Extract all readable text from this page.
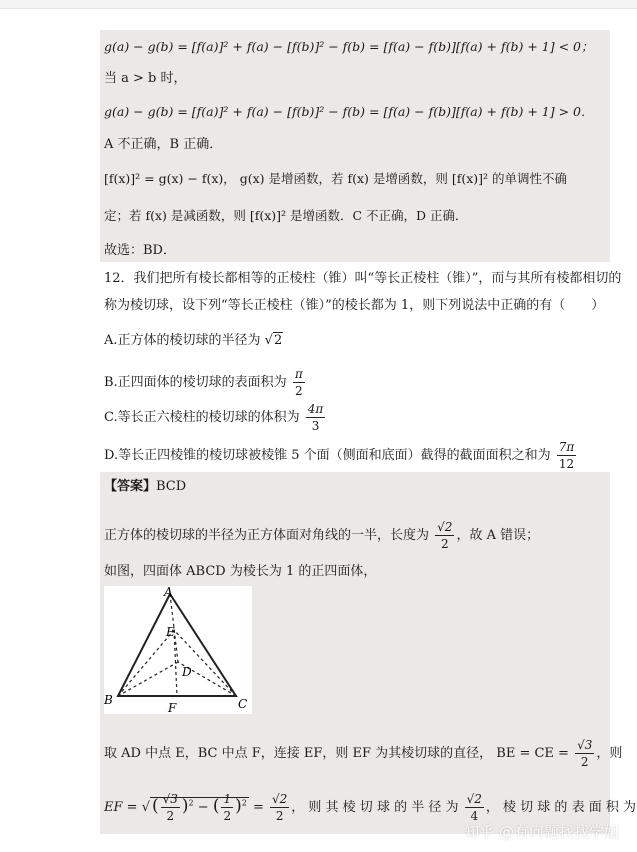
g(a) − g(b) = [f(a)]² + f(a) − [f(b)]² − f(b) = [f(a) − f(b)][f(a) + f(b) + 1] < 0；
当 a > b 时，
g(a) − g(b) = [f(a)]² + f(a) − [f(b)]² − f(b) = [f(a) − f(b)][f(a) + f(b) + 1] > 0．
A 不正确，B 正确．
[f(x)]² = g(x) − f(x)， g(x) 是增函数，若 f(x) 是增函数，则 [f(x)]² 的单调性不确
定；若 f(x) 是减函数，则 [f(x)]² 是增函数．C 不正确，D 正确．
故选：BD．
12．我们把所有棱长都相等的正棱柱（锥）叫“等长正棱柱（锥）”，而与其所有棱都相切的
称为棱切球，设下列“等长正棱柱（锥）”的棱长都为 1，则下列说法中正确的有（　　）
A.正方体的棱切球的半径为 √2
B.正四面体的棱切球的表面积为 $\frac{\pi}{2}$
C.等长正六棱柱的棱切球的体积为 $\frac{4\pi}{3}$
D.等长正四棱锥的棱切球被棱锥 5 个面（侧面和底面）截得的截面面积之和为 $\frac{7\pi}{12}$
【答案】BCD
正方体的棱切球的半径为正方体面对角线的一半，长度为 $\frac{√2}{2}$ ，故 A 错误；
如图，四面体 ABCD 为棱长为 1 的正四面体，
A
B	C
D
E
F
取 AD 中点 E，BC 中点 F，连接 EF，则 EF 为其棱切球的直径， BE = CE = $\frac{√3}{2}$ ，则
EF = √ ( $\frac{√3}{2} )^2$ − ( $\frac{1}{2} )^2 = \frac{√2}{2}$ ， 则 其 棱 切 球 的 半 径 为 $\frac{√2}{4}$ ， 棱 切 球 的 表 面 积 为
知乎 @有问题找找学姐
